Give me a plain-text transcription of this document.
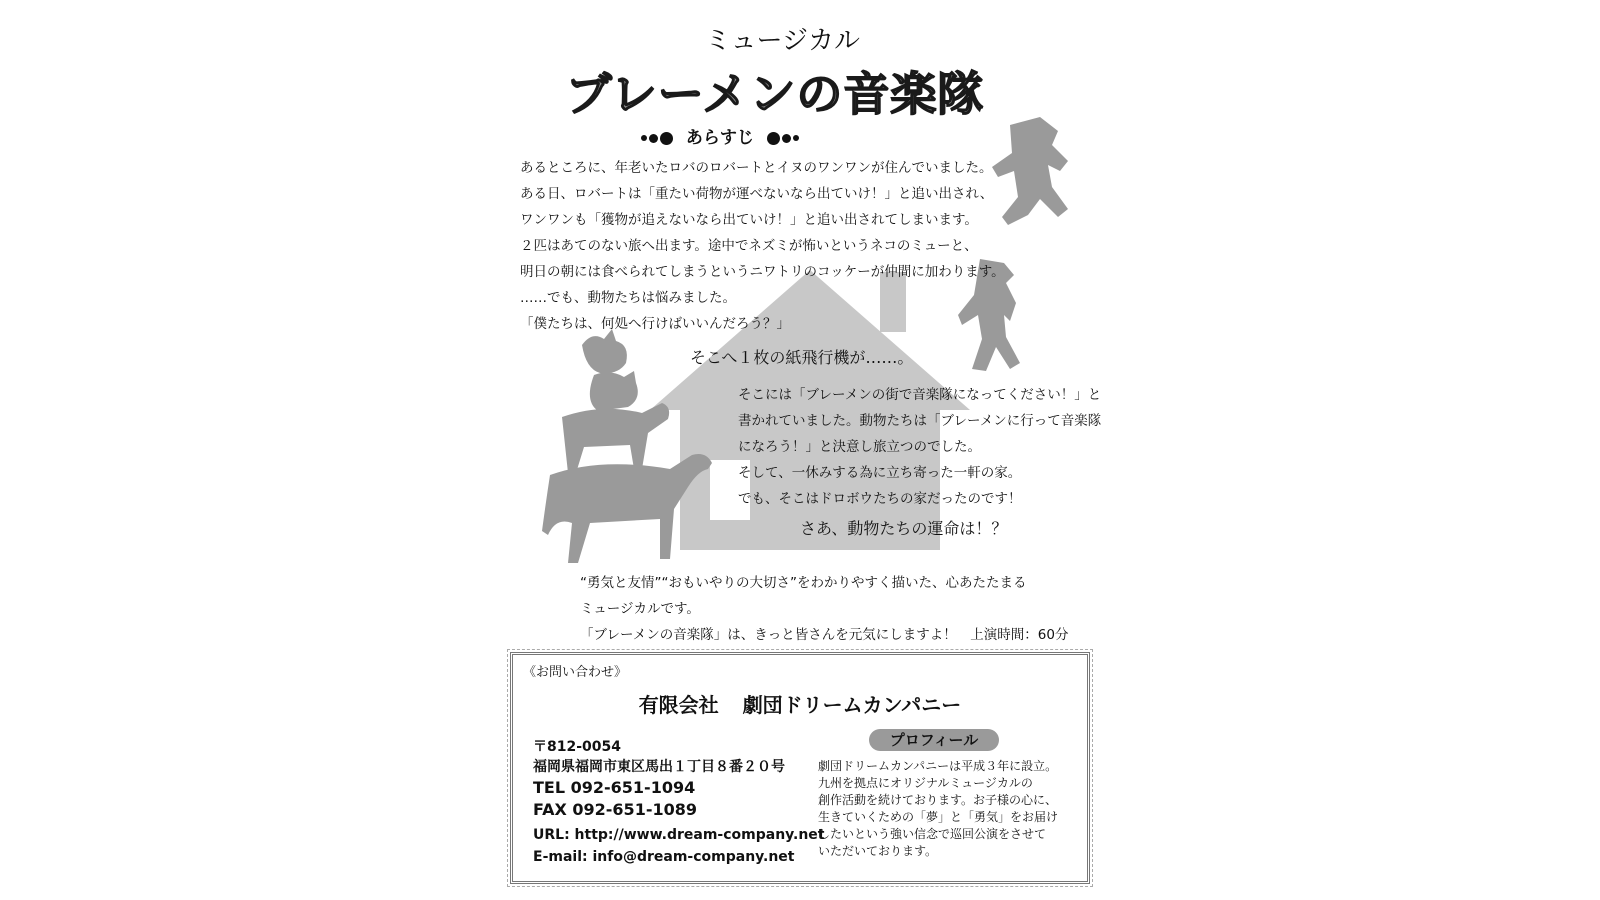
ミュージカル
ブレーメンの音楽隊
あらすじ
あるところに、年老いたロバのロバートとイヌのワンワンが住んでいました。
ある日、ロバートは「重たい荷物が運べないなら出ていけ！」と追い出され、
ワンワンも「獲物が追えないなら出ていけ！」と追い出されてしまいます。
２匹はあてのない旅へ出ます。途中でネズミが怖いというネコのミューと、
明日の朝には食べられてしまうというニワトリのコッケーが仲間に加わります。
……でも、動物たちは悩みました。
「僕たちは、何処へ行けばいいんだろう？」
そこへ１枚の紙飛行機が……。
そこには「ブレーメンの街で音楽隊になってください！」と
書かれていました。動物たちは「ブレーメンに行って音楽隊
になろう！」と決意し旅立つのでした。
そして、一休みする為に立ち寄った一軒の家。
でも、そこはドロボウたちの家だったのです！
さあ、動物たちの運命は！？
“勇気と友情”“おもいやりの大切さ”をわかりやすく描いた、心あたたまる
ミュージカルです。
「ブレーメンの音楽隊」は、きっと皆さんを元気にしますよ！　上演時間：60分
《お問い合わせ》
有限会社 劇団ドリームカンパニー
〒812-0054
福岡県福岡市東区馬出１丁目８番２０号
TEL 092-651-1094
FAX 092-651-1089
URL: http://www.dream-company.net
E-mail: info@dream-company.net
プロフィール
劇団ドリームカンパニーは平成３年に設立。
九州を拠点にオリジナルミュージカルの
創作活動を続けております。お子様の心に、
生きていくための「夢」と「勇気」をお届け
したいという強い信念で巡回公演をさせて
いただいております。
